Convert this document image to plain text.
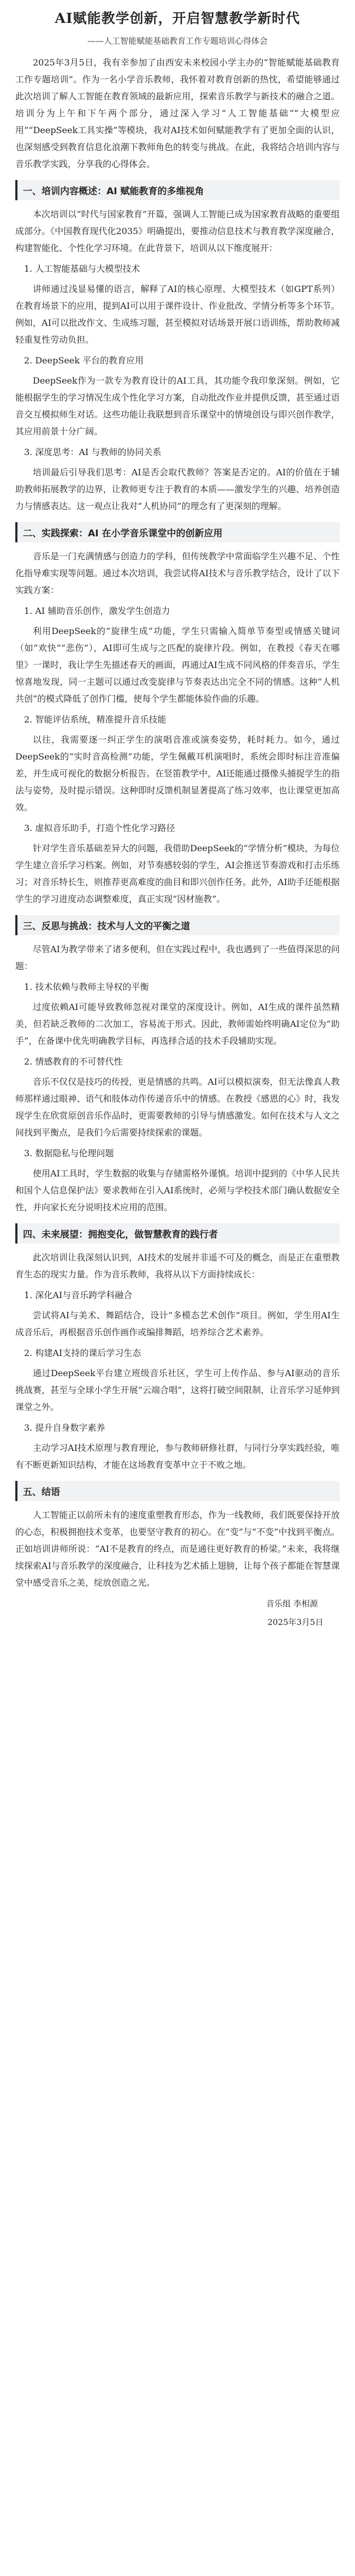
AI赋能教学创新，开启智慧教学新时代
——人工智能赋能基础教育工作专题培训心得体会

2025年3月5日，我有幸参加了由西安未来校园小学主办的“智能赋能基础教育工作专题培训”。作为一名小学音乐教师，我怀着对教育创新的热忱，希望能够通过此次培训了解人工智能在教育领域的最新应用，探索音乐教学与新技术的融合之道。培训分为上午和下午两个部分，通过深入学习“人工智能基础”“大模型应用”“DeepSeek工具实操”等模块，我对AI技术如何赋能教学有了更加全面的认识，也深刻感受到教育信息化浪潮下教师角色的转变与挑战。在此，我将结合培训内容与音乐教学实践，分享我的心得体会。

一、培训内容概述：AI 赋能教育的多维视角

本次培训以“时代与国家教育”开篇，强调人工智能已成为国家教育战略的重要组成部分。《中国教育现代化2035》明确提出，要推动信息技术与教育教学深度融合，构建智能化、个性化学习环境。在此背景下，培训从以下维度展开：

1. 人工智能基础与大模型技术

讲师通过浅显易懂的语言，解释了AI的核心原理、大模型技术（如GPT系列）在教育场景下的应用，提到AI可以用于课件设计、作业批改、学情分析等多个环节。例如，AI可以批改作文、生成练习题，甚至模拟对话场景开展口语训练，帮助教师减轻重复性劳动负担。

2. DeepSeek 平台的教育应用

DeepSeek作为一款专为教育设计的AI工具，其功能令我印象深刻。例如，它能根据学生的学习情况生成个性化学习方案，自动批改作业并提供反馈，甚至通过语音交互模拟师生对话。这些功能让我联想到音乐课堂中的情境创设与即兴创作教学，其应用前景十分广阔。

3. 深度思考：AI 与教师的协同关系

培训最后引导我们思考：AI是否会取代教师？答案是否定的。AI的价值在于辅助教师拓展教学的边界，让教师更专注于教育的本质——激发学生的兴趣、培养创造力与情感表达。这一观点让我对“人机协同”的理念有了更深刻的理解。

二、实践探索：AI 在小学音乐课堂中的创新应用

音乐是一门充满情感与创造力的学科，但传统教学中常面临学生兴趣不足、个性化指导难实现等问题。通过本次培训，我尝试将AI技术与音乐教学结合，设计了以下实践方案：

1. AI 辅助音乐创作，激发学生创造力

利用DeepSeek的“旋律生成”功能，学生只需输入简单节奏型或情感关键词（如“欢快”“悲伤”），AI即可生成与之匹配的旋律片段。例如，在教授《春天在哪里》一课时，我让学生先描述春天的画面，再通过AI生成不同风格的伴奏音乐，学生惊喜地发现，同一主题可以通过改变旋律与节奏表达出完全不同的情感。这种“人机共创”的模式降低了创作门槛，使每个学生都能体验作曲的乐趣。

2. 智能评估系统，精准提升音乐技能

以往，我需要逐一纠正学生的演唱音准或演奏姿势，耗时耗力。如今，通过DeepSeek的“实时音高检测”功能，学生佩戴耳机演唱时，系统会即时标注音准偏差，并生成可视化的数据分析报告。在竖笛教学中，AI还能通过摄像头捕捉学生的指法与姿势，及时提示错误。这种即时反馈机制显著提高了练习效率，也让课堂更加高效。

3. 虚拟音乐助手，打造个性化学习路径

针对学生音乐基础差异大的问题，我借助DeepSeek的“学情分析”模块，为每位学生建立音乐学习档案。例如，对节奏感较弱的学生，AI会推送节奏游戏和打击乐练习；对音乐特长生，则推荐更高难度的曲目和即兴创作任务。此外，AI助手还能根据学生的学习进度动态调整难度，真正实现“因材施教”。

三、反思与挑战：技术与人文的平衡之道

尽管AI为教学带来了诸多便利，但在实践过程中，我也遇到了一些值得深思的问题：

1. 技术依赖与教师主导权的平衡

过度依赖AI可能导致教师忽视对课堂的深度设计。例如，AI生成的课件虽然精美，但若缺乏教师的二次加工，容易流于形式。因此，教师需始终明确AI定位为“助手”，在备课中优先明确教学目标，再选择合适的技术手段辅助实现。

2. 情感教育的不可替代性

音乐不仅仅是技巧的传授，更是情感的共鸣。AI可以模拟演奏，但无法像真人教师那样通过眼神、语气和肢体动作传递音乐中的情感。在教授《感恩的心》时，我发现学生在欣赏原创音乐作品时，更需要教师的引导与情感激发。如何在技术与人文之间找到平衡点，是我们今后需要持续探索的课题。

3. 数据隐私与伦理问题

使用AI工具时，学生数据的收集与存储需格外谨慎。培训中提到的《中华人民共和国个人信息保护法》要求教师在引入AI系统时，必须与学校技术部门确认数据安全性，并向家长充分说明技术应用的范围。

四、未来展望：拥抱变化，做智慧教育的践行者

此次培训让我深刻认识到，AI技术的发展并非遥不可及的概念，而是正在重塑教育生态的现实力量。作为音乐教师，我将从以下方面持续成长：

1. 深化AI与音乐跨学科融合

尝试将AI与美术、舞蹈结合，设计“多模态艺术创作”项目。例如，学生用AI生成音乐后，再根据音乐创作画作或编排舞蹈，培养综合艺术素养。

2. 构建AI支持的课后学习生态

通过DeepSeek平台建立班级音乐社区，学生可上传作品、参与AI驱动的音乐挑战赛，甚至与全球小学生开展“云端合唱”，这将打破空间限制，让音乐学习延伸到课堂之外。

3. 提升自身数字素养

主动学习AI技术原理与教育理论，参与教师研修社群，与同行分享实践经验，唯有不断更新知识结构，才能在这场教育变革中立于不败之地。

五、结语

人工智能正以前所未有的速度重塑教育形态，作为一线教师，我们既要保持开放的心态，积极拥抱技术变革，也要坚守教育的初心。在“变”与“不变”中找到平衡点。正如培训讲师所说：“AI不是教育的终点，而是通往更好教育的桥梁。”未来，我将继续探索AI与音乐教学的深度融合，让科技为艺术插上翅膀，让每个孩子都能在智慧课堂中感受音乐之美，绽放创造之光。

音乐组 李相源
2025年3月5日
